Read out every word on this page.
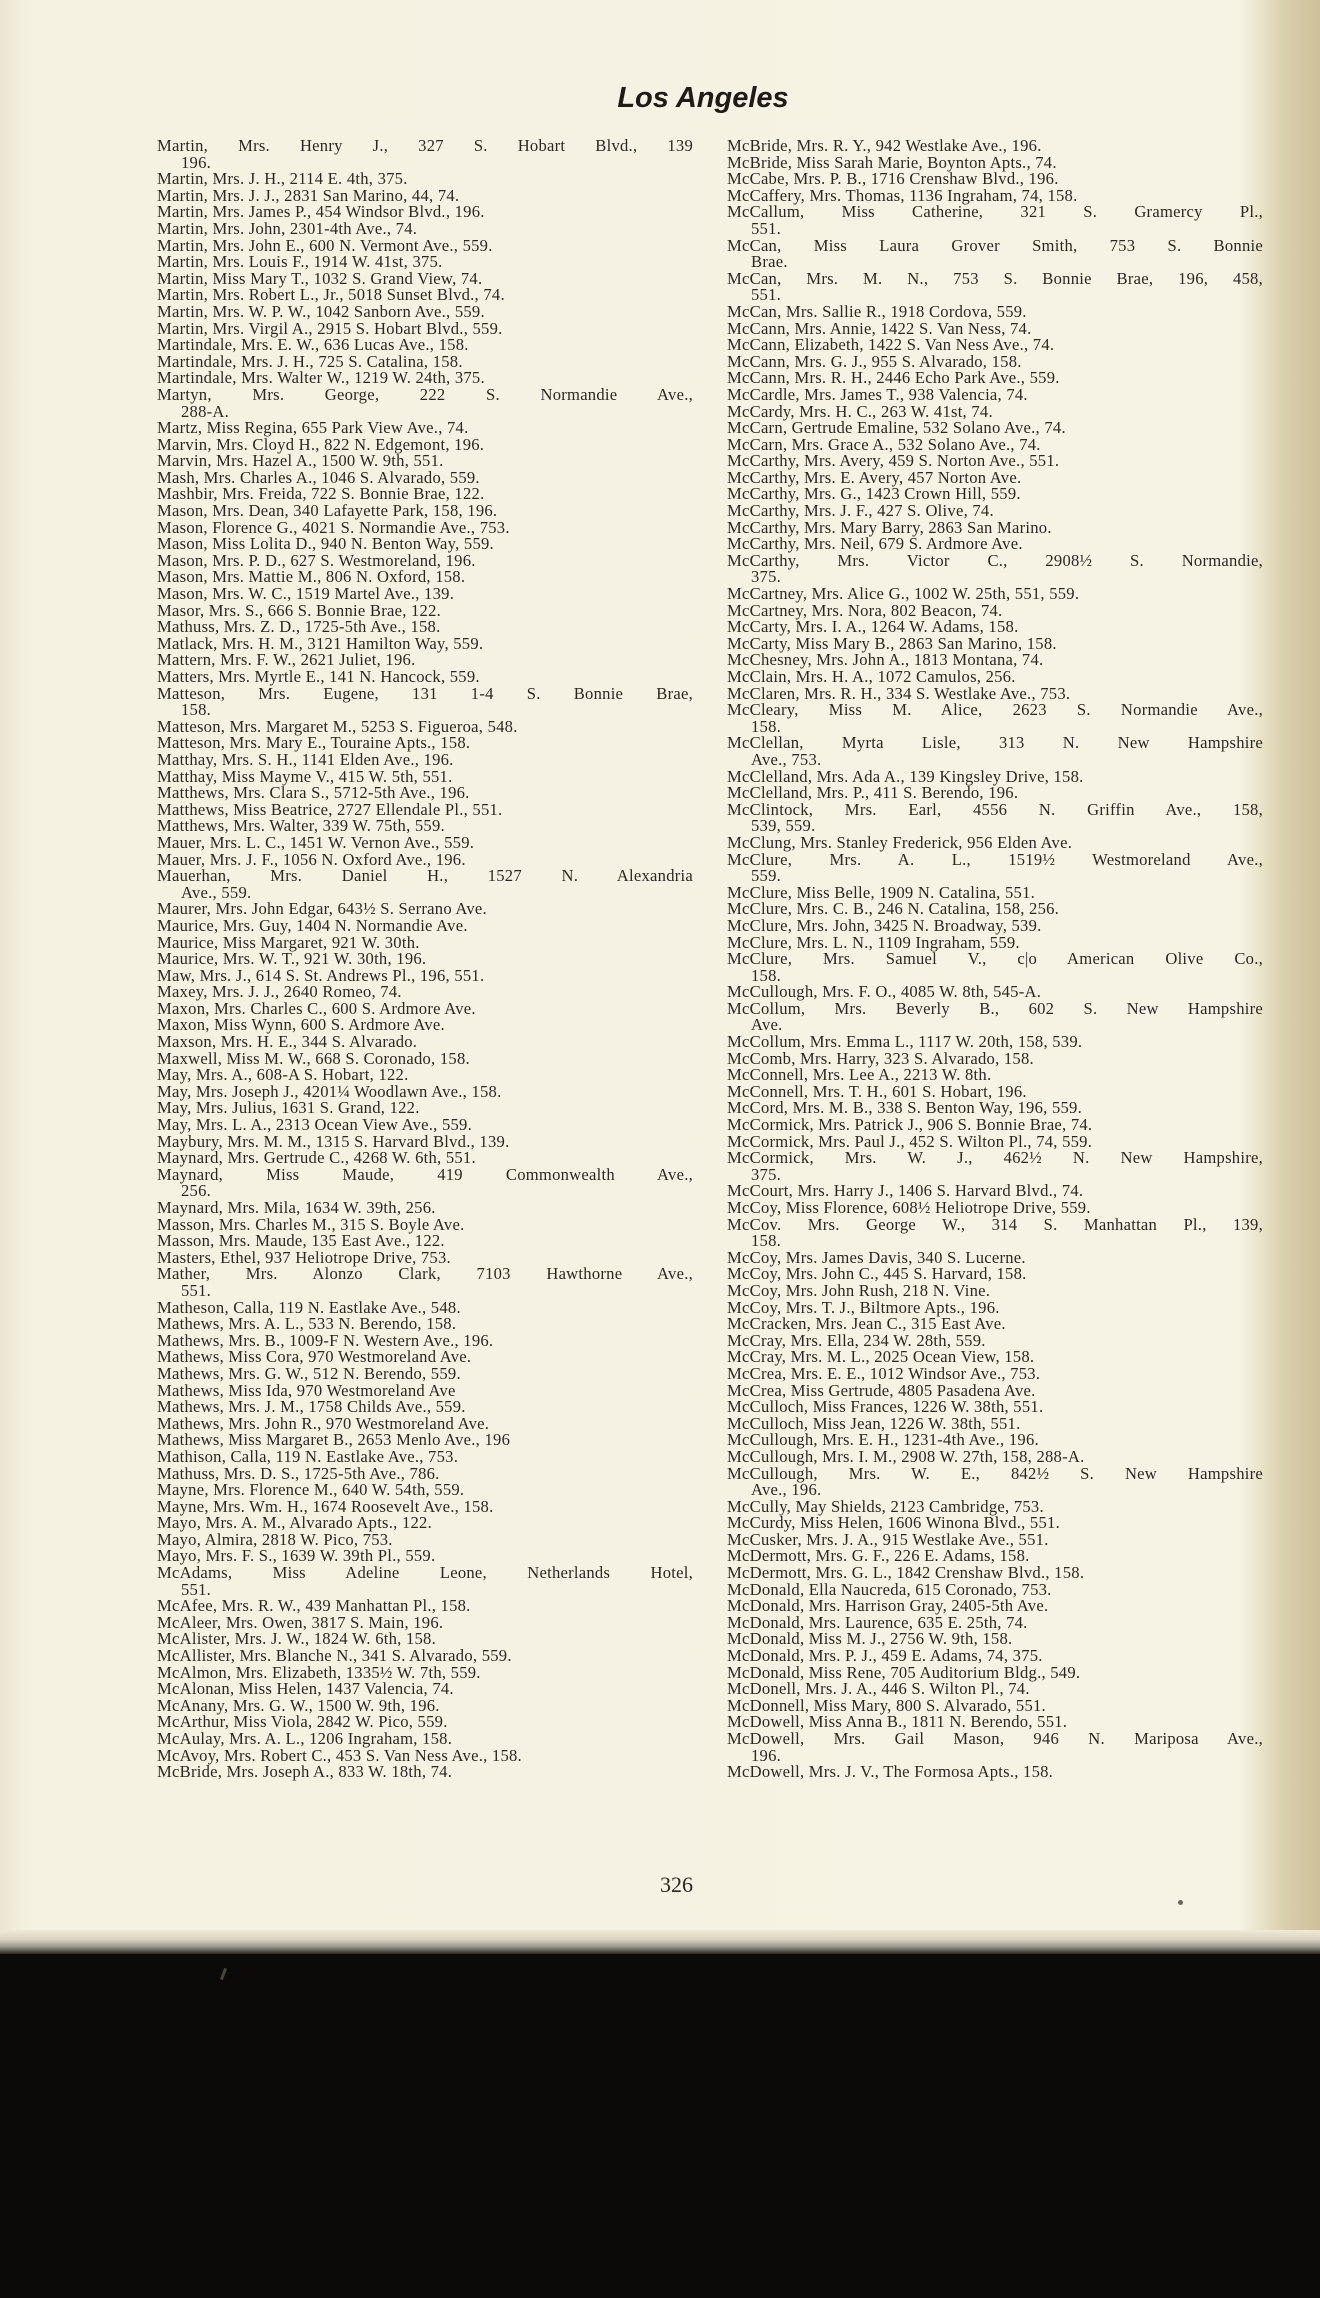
Los Angeles
Martin, Mrs. Henry J., 327 S. Hobart Blvd., 139
196.
Martin, Mrs. J. H., 2114 E. 4th, 375.
Martin, Mrs. J. J., 2831 San Marino, 44, 74.
Martin, Mrs. James P., 454 Windsor Blvd., 196.
Martin, Mrs. John, 2301-4th Ave., 74.
Martin, Mrs. John E., 600 N. Vermont Ave., 559.
Martin, Mrs. Louis F., 1914 W. 41st, 375.
Martin, Miss Mary T., 1032 S. Grand View, 74.
Martin, Mrs. Robert L., Jr., 5018 Sunset Blvd., 74.
Martin, Mrs. W. P. W., 1042 Sanborn Ave., 559.
Martin, Mrs. Virgil A., 2915 S. Hobart Blvd., 559.
Martindale, Mrs. E. W., 636 Lucas Ave., 158.
Martindale, Mrs. J. H., 725 S. Catalina, 158.
Martindale, Mrs. Walter W., 1219 W. 24th, 375.
Martyn, Mrs. George, 222 S. Normandie Ave.,
288-A.
Martz, Miss Regina, 655 Park View Ave., 74.
Marvin, Mrs. Cloyd H., 822 N. Edgemont, 196.
Marvin, Mrs. Hazel A., 1500 W. 9th, 551.
Mash, Mrs. Charles A., 1046 S. Alvarado, 559.
Mashbir, Mrs. Freida, 722 S. Bonnie Brae, 122.
Mason, Mrs. Dean, 340 Lafayette Park, 158, 196.
Mason, Florence G., 4021 S. Normandie Ave., 753.
Mason, Miss Lolita D., 940 N. Benton Way, 559.
Mason, Mrs. P. D., 627 S. Westmoreland, 196.
Mason, Mrs. Mattie M., 806 N. Oxford, 158.
Mason, Mrs. W. C., 1519 Martel Ave., 139.
Masor, Mrs. S., 666 S. Bonnie Brae, 122.
Mathuss, Mrs. Z. D., 1725-5th Ave., 158.
Matlack, Mrs. H. M., 3121 Hamilton Way, 559.
Mattern, Mrs. F. W., 2621 Juliet, 196.
Matters, Mrs. Myrtle E., 141 N. Hancock, 559.
Matteson, Mrs. Eugene, 131 1-4 S. Bonnie Brae,
158.
Matteson, Mrs. Margaret M., 5253 S. Figueroa, 548.
Matteson, Mrs. Mary E., Touraine Apts., 158.
Matthay, Mrs. S. H., 1141 Elden Ave., 196.
Matthay, Miss Mayme V., 415 W. 5th, 551.
Matthews, Mrs. Clara S., 5712-5th Ave., 196.
Matthews, Miss Beatrice, 2727 Ellendale Pl., 551.
Matthews, Mrs. Walter, 339 W. 75th, 559.
Mauer, Mrs. L. C., 1451 W. Vernon Ave., 559.
Mauer, Mrs. J. F., 1056 N. Oxford Ave., 196.
Mauerhan, Mrs. Daniel H., 1527 N. Alexandria
Ave., 559.
Maurer, Mrs. John Edgar, 643½ S. Serrano Ave.
Maurice, Mrs. Guy, 1404 N. Normandie Ave.
Maurice, Miss Margaret, 921 W. 30th.
Maurice, Mrs. W. T., 921 W. 30th, 196.
Maw, Mrs. J., 614 S. St. Andrews Pl., 196, 551.
Maxey, Mrs. J. J., 2640 Romeo, 74.
Maxon, Mrs. Charles C., 600 S. Ardmore Ave.
Maxon, Miss Wynn, 600 S. Ardmore Ave.
Maxson, Mrs. H. E., 344 S. Alvarado.
Maxwell, Miss M. W., 668 S. Coronado, 158.
May, Mrs. A., 608-A S. Hobart, 122.
May, Mrs. Joseph J., 4201¼ Woodlawn Ave., 158.
May, Mrs. Julius, 1631 S. Grand, 122.
May, Mrs. L. A., 2313 Ocean View Ave., 559.
Maybury, Mrs. M. M., 1315 S. Harvard Blvd., 139.
Maynard, Mrs. Gertrude C., 4268 W. 6th, 551.
Maynard, Miss Maude, 419 Commonwealth Ave.,
256.
Maynard, Mrs. Mila, 1634 W. 39th, 256.
Masson, Mrs. Charles M., 315 S. Boyle Ave.
Masson, Mrs. Maude, 135 East Ave., 122.
Masters, Ethel, 937 Heliotrope Drive, 753.
Mather, Mrs. Alonzo Clark, 7103 Hawthorne Ave.,
551.
Matheson, Calla, 119 N. Eastlake Ave., 548.
Mathews, Mrs. A. L., 533 N. Berendo, 158.
Mathews, Mrs. B., 1009-F N. Western Ave., 196.
Mathews, Miss Cora, 970 Westmoreland Ave.
Mathews, Mrs. G. W., 512 N. Berendo, 559.
Mathews, Miss Ida, 970 Westmoreland Ave
Mathews, Mrs. J. M., 1758 Childs Ave., 559.
Mathews, Mrs. John R., 970 Westmoreland Ave.
Mathews, Miss Margaret B., 2653 Menlo Ave., 196
Mathison, Calla, 119 N. Eastlake Ave., 753.
Mathuss, Mrs. D. S., 1725-5th Ave., 786.
Mayne, Mrs. Florence M., 640 W. 54th, 559.
Mayne, Mrs. Wm. H., 1674 Roosevelt Ave., 158.
Mayo, Mrs. A. M., Alvarado Apts., 122.
Mayo, Almira, 2818 W. Pico, 753.
Mayo, Mrs. F. S., 1639 W. 39th Pl., 559.
McAdams, Miss Adeline Leone, Netherlands Hotel,
551.
McAfee, Mrs. R. W., 439 Manhattan Pl., 158.
McAleer, Mrs. Owen, 3817 S. Main, 196.
McAlister, Mrs. J. W., 1824 W. 6th, 158.
McAllister, Mrs. Blanche N., 341 S. Alvarado, 559.
McAlmon, Mrs. Elizabeth, 1335½ W. 7th, 559.
McAlonan, Miss Helen, 1437 Valencia, 74.
McAnany, Mrs. G. W., 1500 W. 9th, 196.
McArthur, Miss Viola, 2842 W. Pico, 559.
McAulay, Mrs. A. L., 1206 Ingraham, 158.
McAvoy, Mrs. Robert C., 453 S. Van Ness Ave., 158.
McBride, Mrs. Joseph A., 833 W. 18th, 74.
McBride, Mrs. R. Y., 942 Westlake Ave., 196.
McBride, Miss Sarah Marie, Boynton Apts., 74.
McCabe, Mrs. P. B., 1716 Crenshaw Blvd., 196.
McCaffery, Mrs. Thomas, 1136 Ingraham, 74, 158.
McCallum, Miss Catherine, 321 S. Gramercy Pl.,
551.
McCan, Miss Laura Grover Smith, 753 S. Bonnie
Brae.
McCan, Mrs. M. N., 753 S. Bonnie Brae, 196, 458,
551.
McCan, Mrs. Sallie R., 1918 Cordova, 559.
McCann, Mrs. Annie, 1422 S. Van Ness, 74.
McCann, Elizabeth, 1422 S. Van Ness Ave., 74.
McCann, Mrs. G. J., 955 S. Alvarado, 158.
McCann, Mrs. R. H., 2446 Echo Park Ave., 559.
McCardle, Mrs. James T., 938 Valencia, 74.
McCardy, Mrs. H. C., 263 W. 41st, 74.
McCarn, Gertrude Emaline, 532 Solano Ave., 74.
McCarn, Mrs. Grace A., 532 Solano Ave., 74.
McCarthy, Mrs. Avery, 459 S. Norton Ave., 551.
McCarthy, Mrs. E. Avery, 457 Norton Ave.
McCarthy, Mrs. G., 1423 Crown Hill, 559.
McCarthy, Mrs. J. F., 427 S. Olive, 74.
McCarthy, Mrs. Mary Barry, 2863 San Marino.
McCarthy, Mrs. Neil, 679 S. Ardmore Ave.
McCarthy, Mrs. Victor C., 2908½ S. Normandie,
375.
McCartney, Mrs. Alice G., 1002 W. 25th, 551, 559.
McCartney, Mrs. Nora, 802 Beacon, 74.
McCarty, Mrs. I. A., 1264 W. Adams, 158.
McCarty, Miss Mary B., 2863 San Marino, 158.
McChesney, Mrs. John A., 1813 Montana, 74.
McClain, Mrs. H. A., 1072 Camulos, 256.
McClaren, Mrs. R. H., 334 S. Westlake Ave., 753.
McCleary, Miss M. Alice, 2623 S. Normandie Ave.,
158.
McClellan, Myrta Lisle, 313 N. New Hampshire
Ave., 753.
McClelland, Mrs. Ada A., 139 Kingsley Drive, 158.
McClelland, Mrs. P., 411 S. Berendo, 196.
McClintock, Mrs. Earl, 4556 N. Griffin Ave., 158,
539, 559.
McClung, Mrs. Stanley Frederick, 956 Elden Ave.
McClure, Mrs. A. L., 1519½ Westmoreland Ave.,
559.
McClure, Miss Belle, 1909 N. Catalina, 551.
McClure, Mrs. C. B., 246 N. Catalina, 158, 256.
McClure, Mrs. John, 3425 N. Broadway, 539.
McClure, Mrs. L. N., 1109 Ingraham, 559.
McClure, Mrs. Samuel V., c|o American Olive Co.,
158.
McCullough, Mrs. F. O., 4085 W. 8th, 545-A.
McCollum, Mrs. Beverly B., 602 S. New Hampshire
Ave.
McCollum, Mrs. Emma L., 1117 W. 20th, 158, 539.
McComb, Mrs. Harry, 323 S. Alvarado, 158.
McConnell, Mrs. Lee A., 2213 W. 8th.
McConnell, Mrs. T. H., 601 S. Hobart, 196.
McCord, Mrs. M. B., 338 S. Benton Way, 196, 559.
McCormick, Mrs. Patrick J., 906 S. Bonnie Brae, 74.
McCormick, Mrs. Paul J., 452 S. Wilton Pl., 74, 559.
McCormick, Mrs. W. J., 462½ N. New Hampshire,
375.
McCourt, Mrs. Harry J., 1406 S. Harvard Blvd., 74.
McCoy, Miss Florence, 608½ Heliotrope Drive, 559.
McCov. Mrs. George W., 314 S. Manhattan Pl., 139,
158.
McCoy, Mrs. James Davis, 340 S. Lucerne.
McCoy, Mrs. John C., 445 S. Harvard, 158.
McCoy, Mrs. John Rush, 218 N. Vine.
McCoy, Mrs. T. J., Biltmore Apts., 196.
McCracken, Mrs. Jean C., 315 East Ave.
McCray, Mrs. Ella, 234 W. 28th, 559.
McCray, Mrs. M. L., 2025 Ocean View, 158.
McCrea, Mrs. E. E., 1012 Windsor Ave., 753.
McCrea, Miss Gertrude, 4805 Pasadena Ave.
McCulloch, Miss Frances, 1226 W. 38th, 551.
McCulloch, Miss Jean, 1226 W. 38th, 551.
McCullough, Mrs. E. H., 1231-4th Ave., 196.
McCullough, Mrs. I. M., 2908 W. 27th, 158, 288-A.
McCullough, Mrs. W. E., 842½ S. New Hampshire
Ave., 196.
McCully, May Shields, 2123 Cambridge, 753.
McCurdy, Miss Helen, 1606 Winona Blvd., 551.
McCusker, Mrs. J. A., 915 Westlake Ave., 551.
McDermott, Mrs. G. F., 226 E. Adams, 158.
McDermott, Mrs. G. L., 1842 Crenshaw Blvd., 158.
McDonald, Ella Naucreda, 615 Coronado, 753.
McDonald, Mrs. Harrison Gray, 2405-5th Ave.
McDonald, Mrs. Laurence, 635 E. 25th, 74.
McDonald, Miss M. J., 2756 W. 9th, 158.
McDonald, Mrs. P. J., 459 E. Adams, 74, 375.
McDonald, Miss Rene, 705 Auditorium Bldg., 549.
McDonell, Mrs. J. A., 446 S. Wilton Pl., 74.
McDonnell, Miss Mary, 800 S. Alvarado, 551.
McDowell, Miss Anna B., 1811 N. Berendo, 551.
McDowell, Mrs. Gail Mason, 946 N. Mariposa Ave.,
196.
McDowell, Mrs. J. V., The Formosa Apts., 158.
326
